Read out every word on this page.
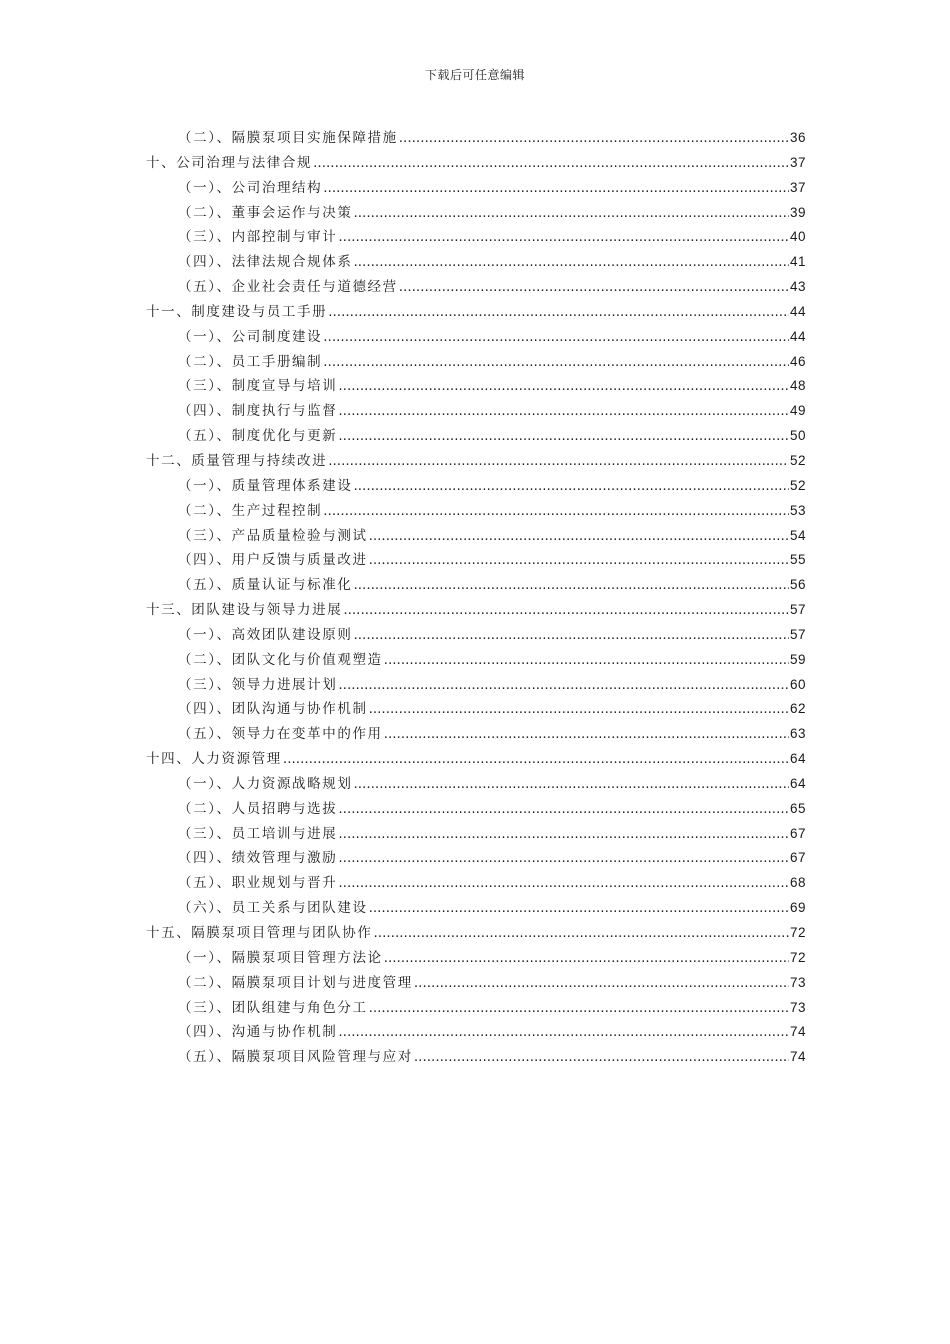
下载后可任意编辑
（二）、隔膜泵项目实施保障措施 .....	36
十、公司治理与法律合规 .....	37
（一）、公司治理结构 .....	37
（二）、董事会运作与决策 .....	39
（三）、内部控制与审计 .....	40
（四）、法律法规合规体系 .....	41
（五）、企业社会责任与道德经营 .....	43
十一、制度建设与员工手册 .....	44
（一）、公司制度建设 .....	44
（二）、员工手册编制 .....	46
（三）、制度宣导与培训 .....	48
（四）、制度执行与监督 .....	49
（五）、制度优化与更新 .....	50
十二、质量管理与持续改进 .....	52
（一）、质量管理体系建设 .....	52
（二）、生产过程控制 .....	53
（三）、产品质量检验与测试 .....	54
（四）、用户反馈与质量改进 .....	55
（五）、质量认证与标准化 .....	56
十三、团队建设与领导力进展 .....	57
（一）、高效团队建设原则 .....	57
（二）、团队文化与价值观塑造 .....	59
（三）、领导力进展计划 .....	60
（四）、团队沟通与协作机制 .....	62
（五）、领导力在变革中的作用 .....	63
十四、人力资源管理 .....	64
（一）、人力资源战略规划 .....	64
（二）、人员招聘与选拔 .....	65
（三）、员工培训与进展 .....	67
（四）、绩效管理与激励 .....	67
（五）、职业规划与晋升 .....	68
（六）、员工关系与团队建设 .....	69
十五、隔膜泵项目管理与团队协作 .....	72
（一）、隔膜泵项目管理方法论 .....	72
（二）、隔膜泵项目计划与进度管理 .....	73
（三）、团队组建与角色分工 .....	73
（四）、沟通与协作机制 .....	74
（五）、隔膜泵项目风险管理与应对 .....	74
